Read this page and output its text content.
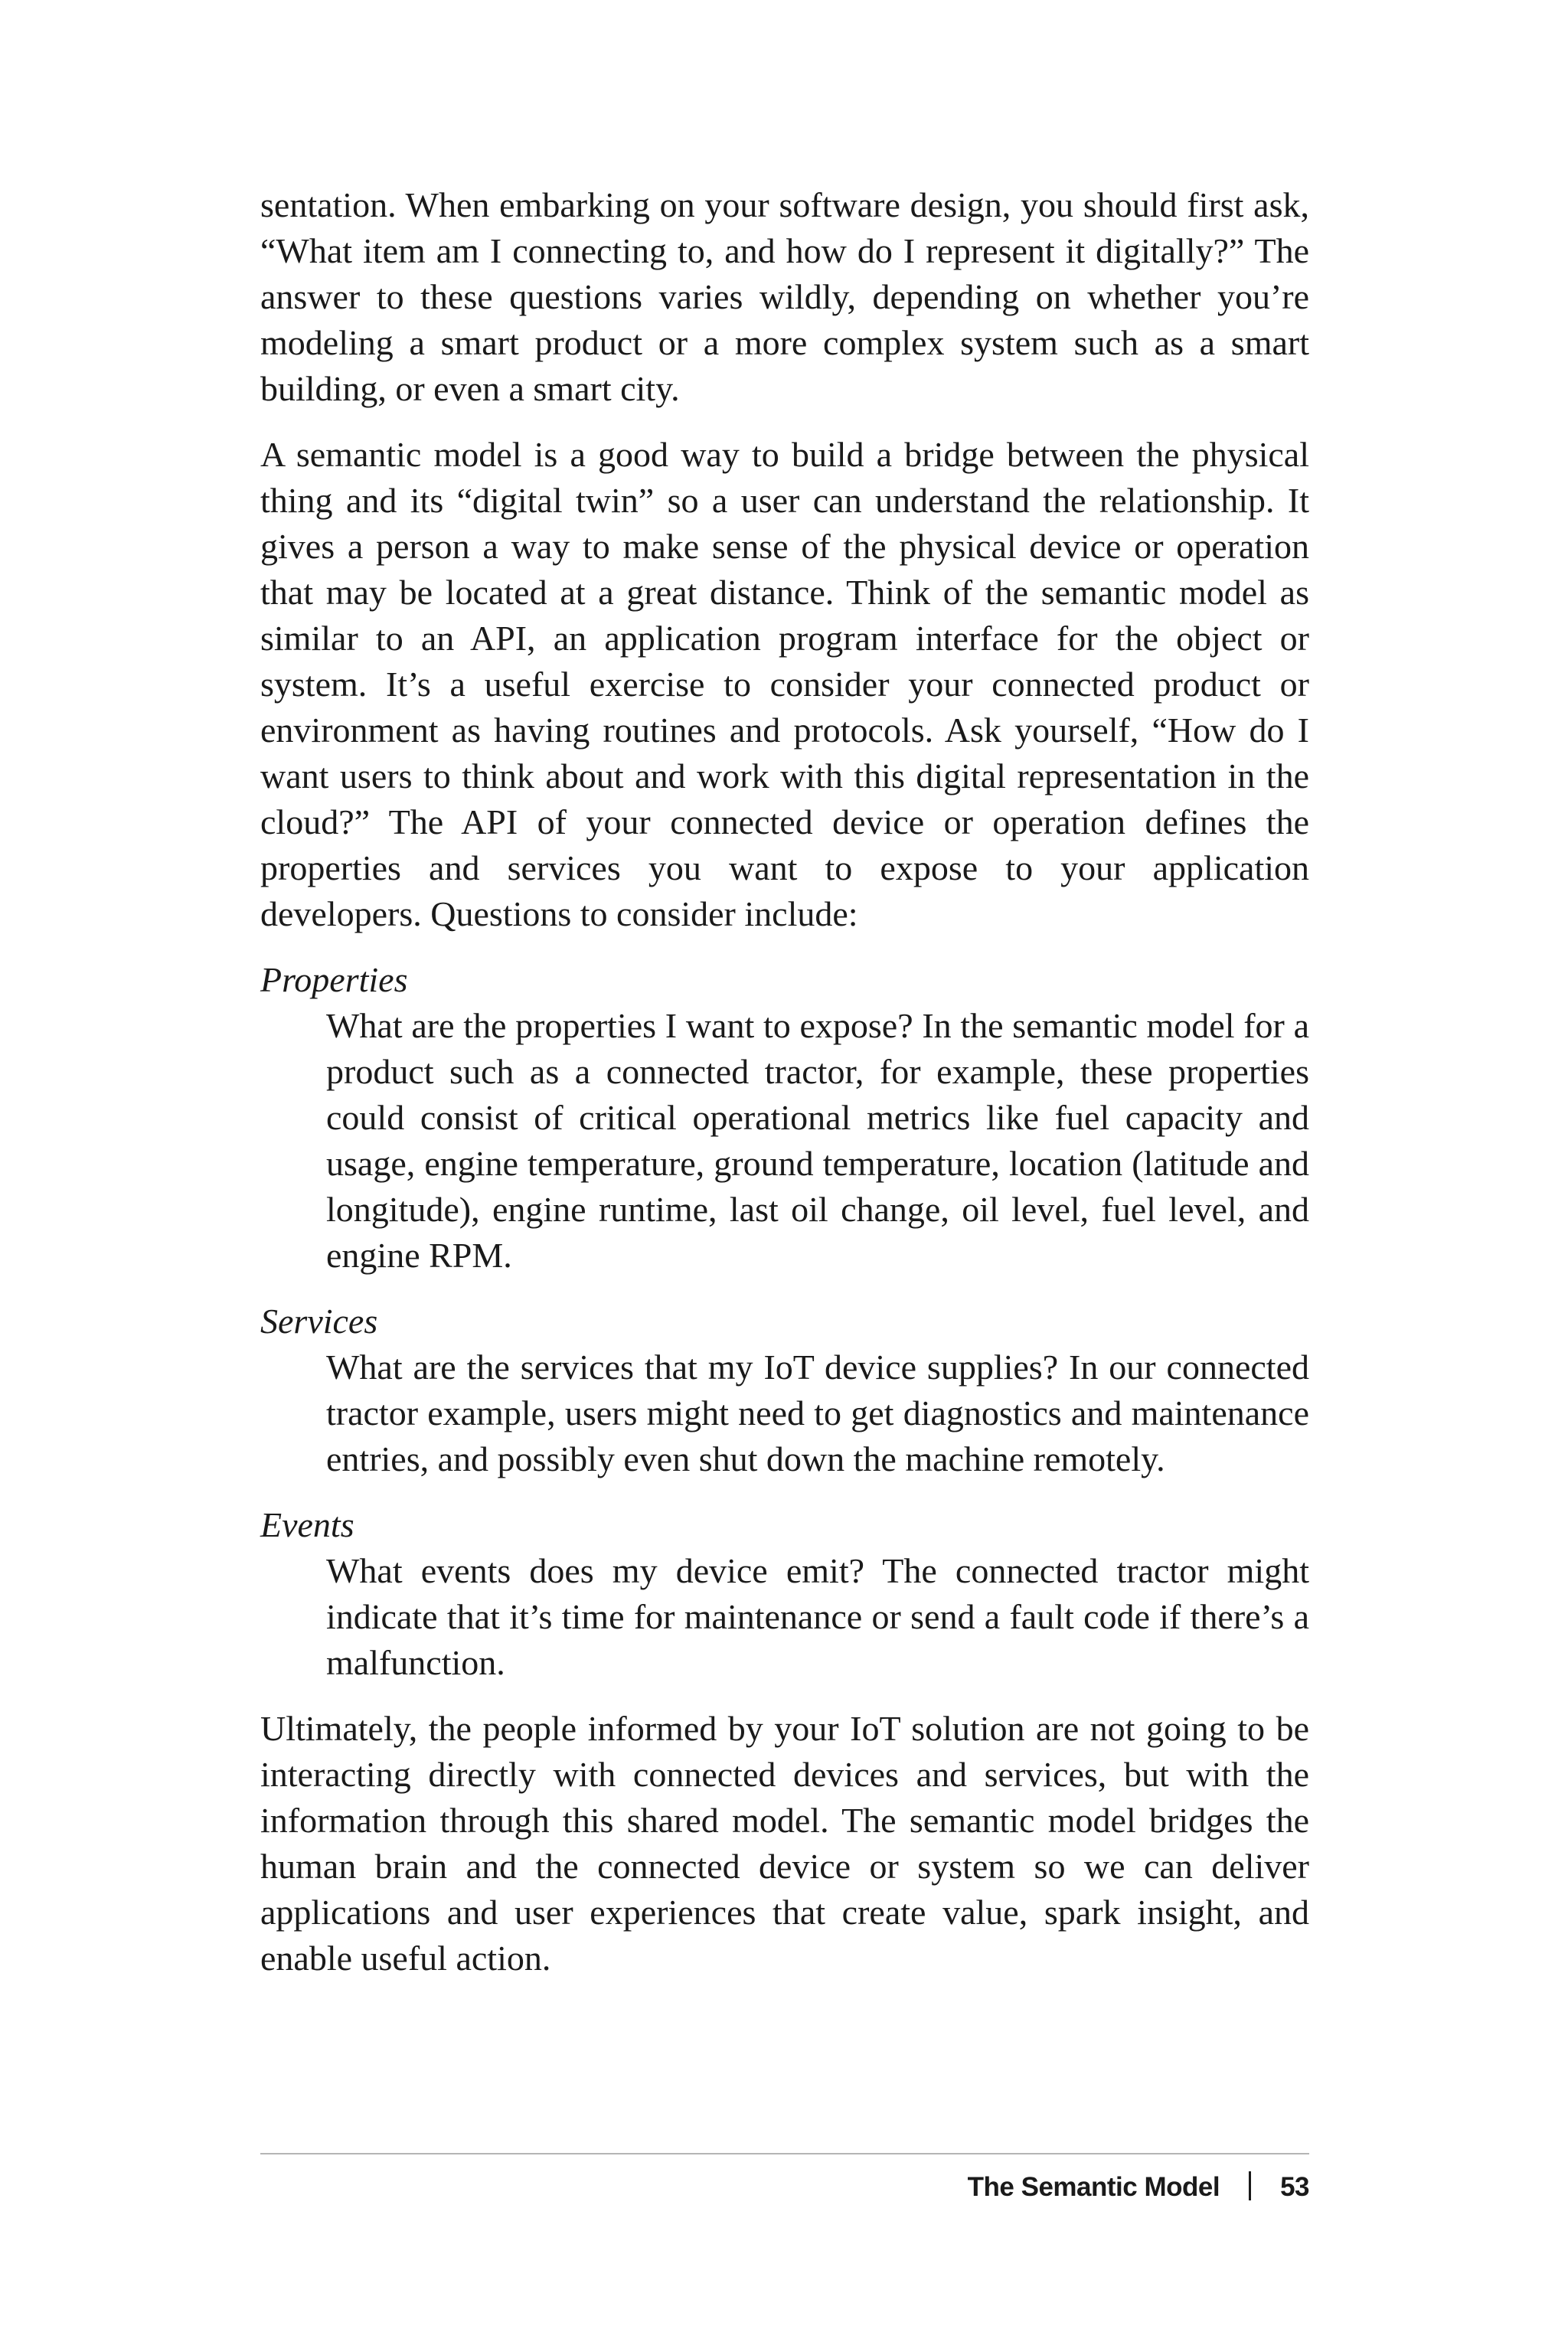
sentation. When embarking on your software design, you should first ask, “What item am I connecting to, and how do I represent it digitally?” The answer to these questions varies wildly, depending on whether you’re modeling a smart product or a more complex system such as a smart building, or even a smart city.

A semantic model is a good way to build a bridge between the physical thing and its “digital twin” so a user can understand the relationship. It gives a person a way to make sense of the physical device or operation that may be located at a great distance. Think of the semantic model as similar to an API, an application program interface for the object or system. It’s a useful exercise to consider your connected product or environment as having routines and protocols. Ask yourself, “How do I want users to think about and work with this digital representation in the cloud?” The API of your connected device or operation defines the properties and services you want to expose to your application developers. Questions to consider include:

Properties

What are the properties I want to expose? In the semantic model for a product such as a connected tractor, for example, these properties could consist of critical operational metrics like fuel capacity and usage, engine temperature, ground temperature, location (latitude and longitude), engine runtime, last oil change, oil level, fuel level, and engine RPM.

Services

What are the services that my IoT device supplies? In our connected tractor example, users might need to get diagnostics and maintenance entries, and possibly even shut down the machine remotely.

Events

What events does my device emit? The connected tractor might indicate that it’s time for maintenance or send a fault code if there’s a malfunction.

Ultimately, the people informed by your IoT solution are not going to be interacting directly with connected devices and services, but with the information through this shared model. The semantic model bridges the human brain and the connected device or system so we can deliver applications and user experiences that create value, spark insight, and enable useful action.

The Semantic Model 53
